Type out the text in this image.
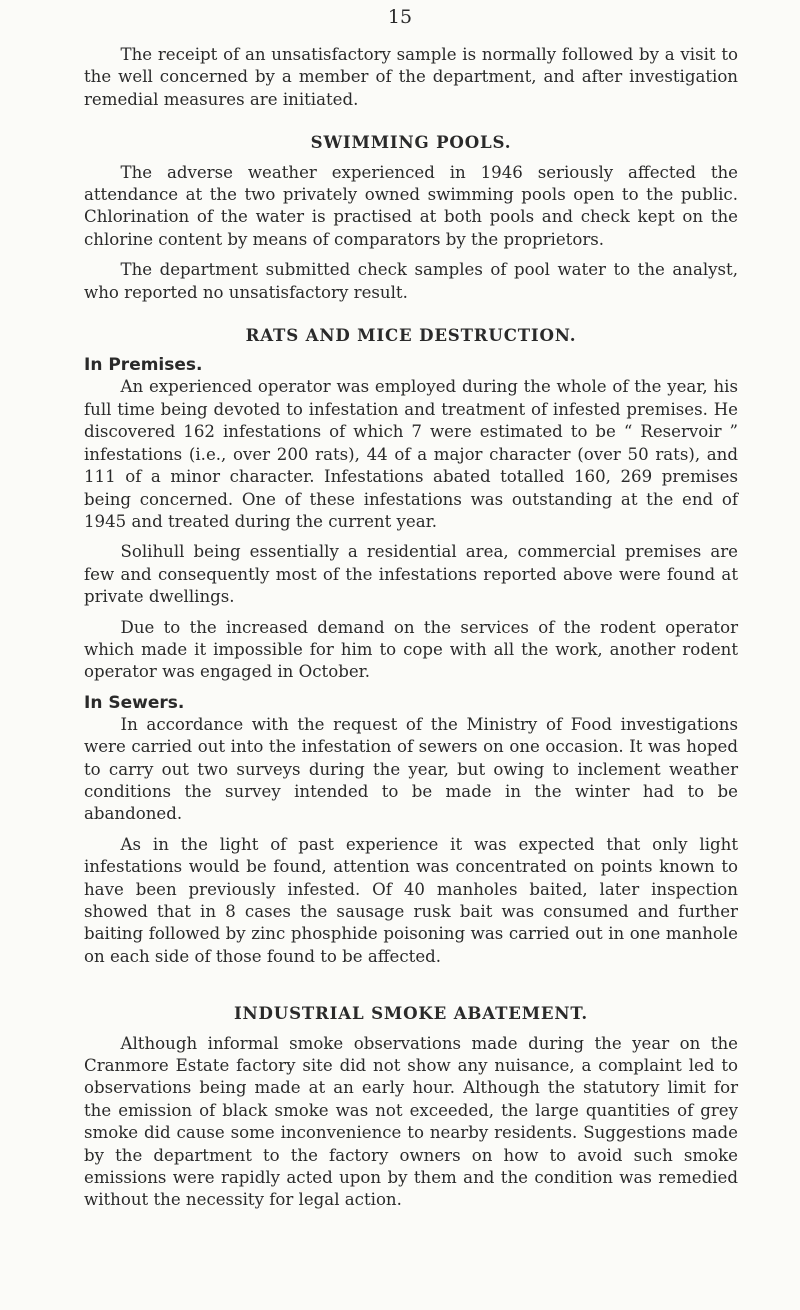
15

The receipt of an unsatisfactory sample is normally followed by a visit to the well concerned by a member of the department, and after investigation remedial measures are initiated.

SWIMMING POOLS.

The adverse weather experienced in 1946 seriously affected the attendance at the two privately owned swimming pools open to the public. Chlorination of the water is practised at both pools and check kept on the chlorine content by means of comparators by the proprietors.

The department submitted check samples of pool water to the analyst, who reported no unsatisfactory result.

RATS AND MICE DESTRUCTION.
In Premises.

An experienced operator was employed during the whole of the year, his full time being devoted to infestation and treatment of infested premises. He discovered 162 infestations of which 7 were estimated to be “ Reservoir ” infestations (i.e., over 200 rats), 44 of a major character (over 50 rats), and 111 of a minor character. Infestations abated totalled 160, 269 premises being concerned. One of these infestations was outstanding at the end of 1945 and treated during the current year.

Solihull being essentially a residential area, commercial premises are few and consequently most of the infestations reported above were found at private dwellings.

Due to the increased demand on the services of the rodent operator which made it impossible for him to cope with all the work, another rodent operator was engaged in October.

In Sewers.

In accordance with the request of the Ministry of Food investigations were carried out into the infestation of sewers on one occasion. It was hoped to carry out two surveys during the year, but owing to inclement weather conditions the survey intended to be made in the winter had to be abandoned.

As in the light of past experience it was expected that only light infestations would be found, attention was concentrated on points known to have been previously infested. Of 40 manholes baited, later inspection showed that in 8 cases the sausage rusk bait was consumed and further baiting followed by zinc phosphide poisoning was carried out in one manhole on each side of those found to be affected.

INDUSTRIAL SMOKE ABATEMENT.

Although informal smoke observations made during the year on the Cranmore Estate factory site did not show any nuisance, a complaint led to observations being made at an early hour. Although the statutory limit for the emission of black smoke was not exceeded, the large quantities of grey smoke did cause some inconvenience to nearby residents. Suggestions made by the department to the factory owners on how to avoid such smoke emissions were rapidly acted upon by them and the condition was remedied without the necessity for legal action.
